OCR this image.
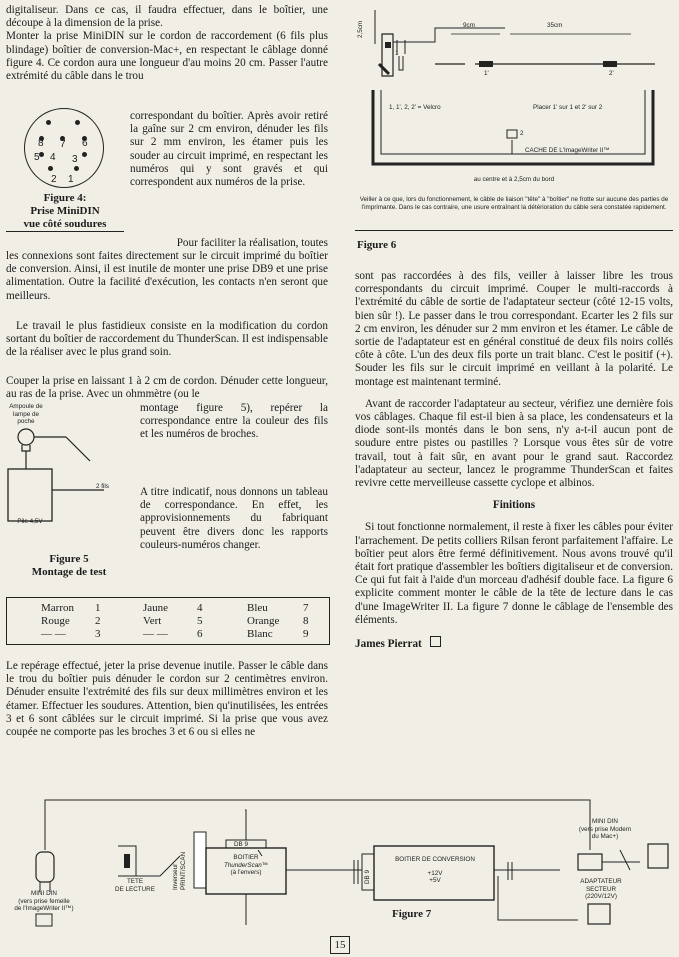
digitaliseur. Dans ce cas, il faudra effectuer, dans le boîtier, une découpe à la dimension de la prise.

Monter la prise MiniDIN sur le cordon de raccordement (6 fils plus blindage) boîtier de conversion-Mac+, en respectant le câblage donné figure 4. Ce cordon aura une longueur d'au moins 20 cm. Passer l'autre extrémité du câble dans le trou

8 7 6
5 4 3
2 1
Figure 4:
Prise MiniDIN
vue côté soudures
correspondant du boîtier. Après avoir retiré la gaîne sur 2 cm environ, dénuder les fils sur 2 mm environ, les étamer puis les souder au circuit imprimé, en respectant les numéros qui y sont gravés et qui correspondent aux numéros de la prise.
Pour faciliter la réalisation, toutes
les connexions sont faites directement sur le circuit imprimé du boîtier de conversion. Ainsi, il est inutile de monter une prise DB9 et une prise alimentation. Outre la facilité d'exécution, les contacts n'en seront que meilleurs.
Le travail le plus fastidieux consiste en la modification du cordon sortant du boîtier de raccordement du ThunderScan. Il est indispensable de la réaliser avec le plus grand soin.
Couper la prise en laissant 1 à 2 cm de cordon. Dénuder cette longueur, au ras de la prise. Avec un ohmmètre (ou le
Ampoule de lampe de poche
2 fils
Pile 4,5V
Figure 5
Montage de test
montage figure 5), repérer la correspondance entre la couleur des fils et les numéros de broches.
A titre indicatif, nous donnons un tableau de correspondance. En effet, les approvisionnements du fabriquant peuvent être divers donc les rapports couleurs-numéros changer.
Marron	1	Jaune	4	Bleu	7
Rouge	2	Vert	5	Orange	8
— —	3	— —	6	Blanc	9
Le repérage effectué, jeter la prise devenue inutile. Passer le câble dans le trou du boîtier puis dénuder le cordon sur 2 centimètres environ. Dénuder ensuite l'extrémité des fils sur deux millimètres environ et les étamer. Effectuer les soudures. Attention, bien qu'inutilisées, les entrées 3 et 6 sont câblées sur le circuit imprimé. Si la prise que vous avez coupée ne comporte pas les broches 3 et 6 ou si elles ne
2,5cm	9cm	35cm
1
1'	2'
1, 1', 2, 2' = Velcro	Placer 1' sur 1 et 2' sur 2
2
CACHE DE L'ImageWriter II™
au centre et à 2,5cm du bord
Veiller à ce que, lors du fonctionnement, le câble de liaison "tête" à "boîtier" ne frotte sur aucune des parties de l'imprimante. Dans le cas contraire, une usure entraînant la détérioration du câble sera constatée rapidement.
Figure 6

sont pas raccordées à des fils, veiller à laisser libre les trous correspondants du circuit imprimé. Couper le multi-raccords à l'extrémité du câble de sortie de l'adaptateur secteur (côté 12-15 volts, bien sûr !). Le passer dans le trou correspondant. Ecarter les 2 fils sur 2 cm environ, les dénuder sur 2 mm environ et les étamer. Le câble de sortie de l'adaptateur est en général constitué de deux fils noirs collés côte à côte. L'un des deux fils porte un trait blanc. C'est le positif (+). Souder les fils sur le circuit imprimé en veillant à la polarité. Le montage est maintenant terminé.

Avant de raccorder l'adaptateur au secteur, vérifiez une dernière fois vos câblages. Chaque fil est-il bien à sa place, les condensateurs et la diode sont-ils montés dans le bon sens, n'y a-t-il aucun pont de soudure entre pistes ou pastilles ? Lorsque vous êtes sûr de votre travail, tout à fait sûr, en avant pour le grand saut. Raccordez l'adaptateur au secteur, lancez le programme ThunderScan et faites revivre cette merveilleuse cassette cyclope et albinos.

Finitions

Si tout fonctionne normalement, il reste à fixer les câbles pour éviter l'arrachement. De petits colliers Rilsan feront parfaitement l'affaire. Le boîtier peut alors être fermé définitivement. Nous avons trouvé qu'il était fort pratique d'assembler les boîtiers digitaliseur et de conversion. Ce qui fut fait à l'aide d'un morceau d'adhésif double face. La figure 6 explicite comment monter le câble de la tête de lecture dans le cas d'une ImageWriter II. La figure 7 donne le câblage de l'ensemble des éléments.

James Pierrat

MINI DIN
(vers prise femelle
de l'ImageWriter II™)
TETE
DE LECTURE	Inverseur PRINT/SCAN
DB 9
BOITIER
ThunderScan™
(à l'envers)	DB 9
BOITIER DE CONVERSION
+12V
+5V
Figure 7
MINI DIN
(vers prise Modem
du Mac+)
ADAPTATEUR
SECTEUR
(220V/12V)
15
